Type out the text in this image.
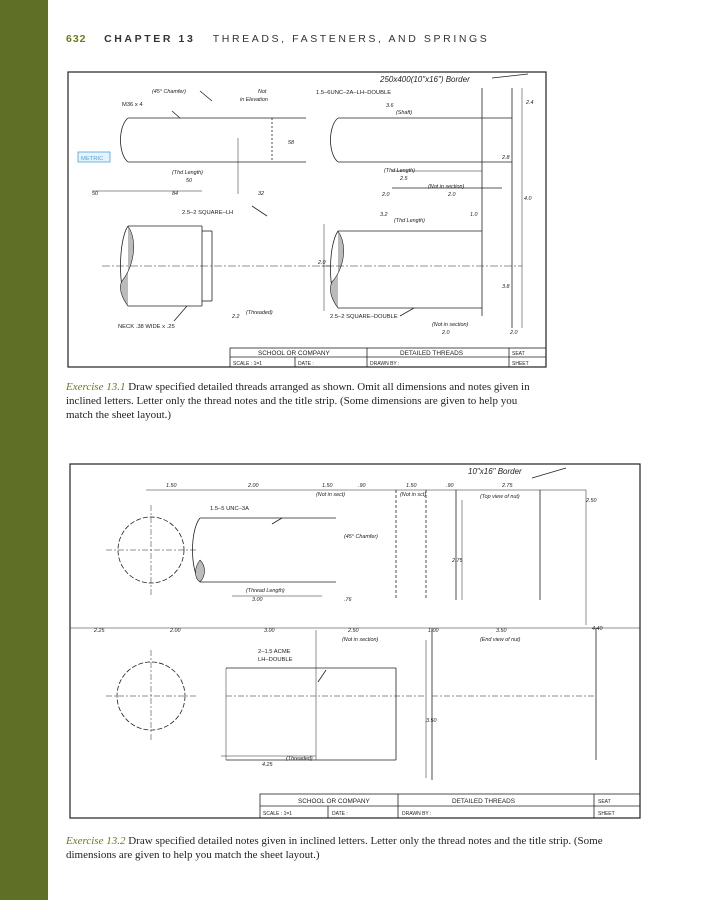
632 CHAPTER 13 THREADS, FASTENERS, AND SPRINGS
METRIC
250x400(10"x16") Border
(45° Chamfer)
M36 x 4
Not
in Elevation
1.5–6UNC–2A–LH–DOUBLE
3.6
(Shaft)
2.4
58
(Thd Length)
50
(Thd Length)
2.5
2.8
(Not in section)
2.0
2.0
50	84	32
4.0
2.5–2 SQUARE–LH	3.2
(Thd Length)
1.0
2.0
3.8
(Threaded)
2.2	2.5–2 SQUARE–DOUBLE
NECK .38 WIDE x .25	(Not in section)
2.0	2.0
SCHOOL OR COMPANY	DETAILED THREADS	SEAT
SCALE : 1=1	DATE :	DRAWN BY :	SHEET
Exercise 13.1 Draw specified detailed threads arranged as shown. Omit all dimensions and notes given in inclined letters. Letter only the thread notes and the title strip. (Some dimensions are given to help you match the sheet layout.)
10"x16" Border
1.50	2.00	1.50	.90	1.50	.90	2.75
(Not in sect)	(Not in sct)	(Top view of nut)
2.50
1.5–5 UNC–3A
(45° Chamfer)
2.75
(Thread Length)
3.00	.76
2.25	2.00	3.00	2.50	1.00	3.50	4.40
(Not in section)	(End view of nut)
2–1.5 ACME
LH–DOUBLE
3.50
(Threaded)
4.25
SCHOOL OR COMPANY	DETAILED THREADS	SEAT
SCALE : 1=1	DATE :	DRAWN BY :	SHEET
Exercise 13.2 Draw specified detailed notes given in inclined letters. Letter only the thread notes and the title strip. (Some dimensions are given to help you match the sheet layout.)
